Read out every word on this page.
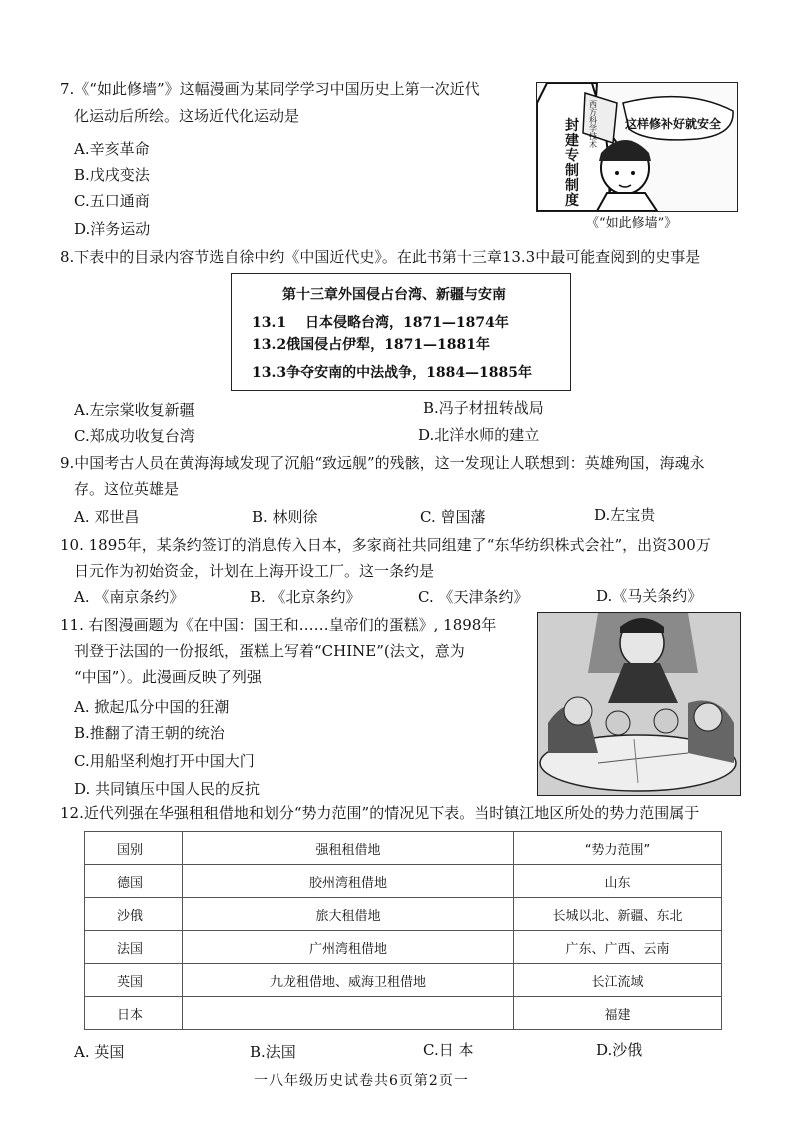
7.《“如此修墙”》这幅漫画为某同学学习中国历史上第一次近代
化运动后所绘。这场近代化运动是
A.辛亥革命
B.戊戌变法
C.五口通商
D.洋务运动
这样修补好就安全
封建专制制度
西方科学技术
《“如此修墙”》
8.下表中的目录内容节选自徐中约《中国近代史》。在此书第十三章13.3中最可能查阅到的史事是
第十三章外国侵占台湾、新疆与安南
13.1　 日本侵略台湾，1871—1874年
13.2俄国侵占伊犁，1871—1881年
13.3争夺安南的中法战争，1884—1885年
A.左宗棠收复新疆	B.冯子材扭转战局
C.郑成功收复台湾	D.北洋水师的建立
9.中国考古人员在黄海海域发现了沉船“致远舰”的残骸，这一发现让人联想到：英雄殉国，海魂永
存。这位英雄是
A. 邓世昌	B. 林则徐	C. 曾国藩	D.左宝贵
10. 1895年，某条约签订的消息传入日本，多家商社共同组建了“东华纺织株式会社”，出资300万
日元作为初始资金，计划在上海开设工厂。这一条约是
A. 《南京条约》	B. 《北京条约》	C. 《天津条约》	D.《马关条约》
11. 右图漫画题为《在中国：国王和……皇帝们的蛋糕》, 1898年
刊登于法国的一份报纸，蛋糕上写着“CHINE”(法文，意为
“中国”）。此漫画反映了列强
A. 掀起瓜分中国的狂潮
B.推翻了清王朝的统治
C.用船坚利炮打开中国大门
D. 共同镇压中国人民的反抗
12.近代列强在华强租租借地和划分“势力范围”的情况见下表。当时镇江地区所处的势力范围属于
国别	强租租借地	“势力范围”
德国	胶州湾租借地	山东
沙俄	旅大租借地	长城以北、新疆、东北
法国	广州湾租借地	广东、广西、云南
英国	九龙租借地、威海卫租借地	长江流域
日本		福建
A. 英国	B.法国	C.日 本	D.沙俄
一八年级历史试卷共6页第2页一
